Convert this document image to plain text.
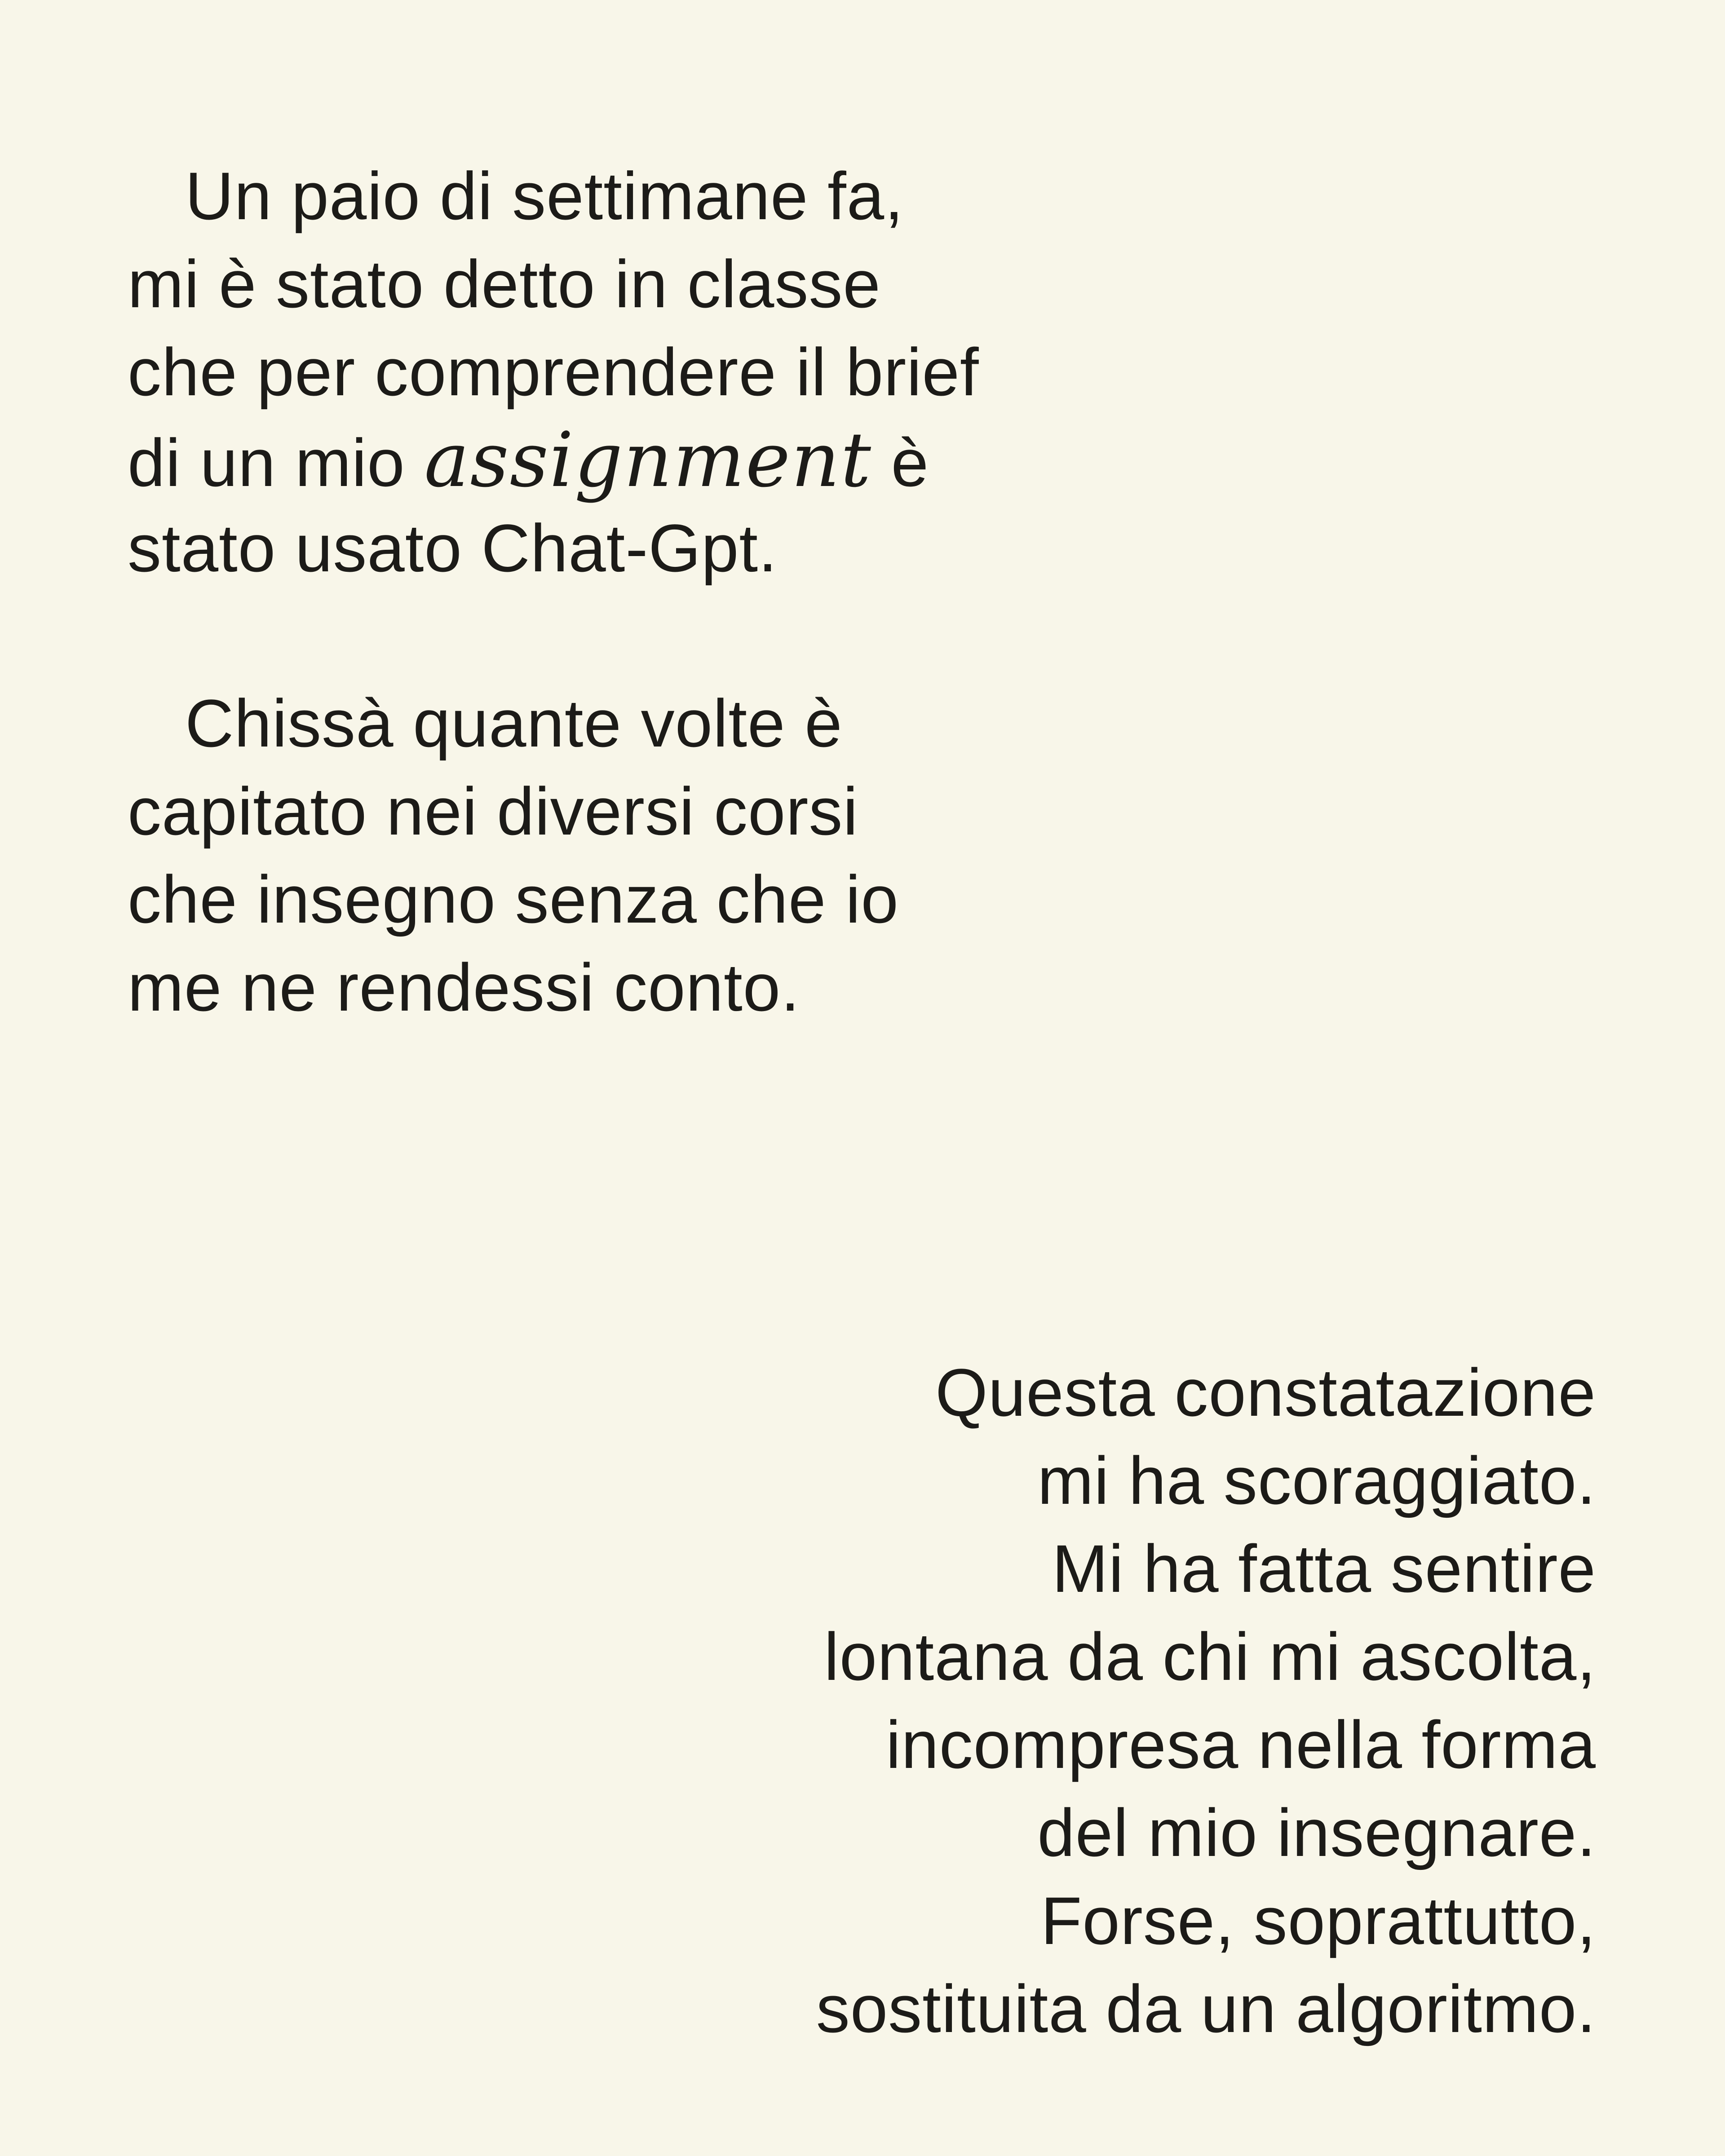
Un paio di settimane fa,
mi è stato detto in classe
che per comprendere il brief
di un mio assignment è
stato usato Chat-Gpt.
Chissà quante volte è
capitato nei diversi corsi
che insegno senza che io
me ne rendessi conto.
Questa constatazione
mi ha scoraggiato.
Mi ha fatta sentire
lontana da chi mi ascolta,
incompresa nella forma
del mio insegnare.
Forse, soprattutto,
sostituita da un algoritmo.
